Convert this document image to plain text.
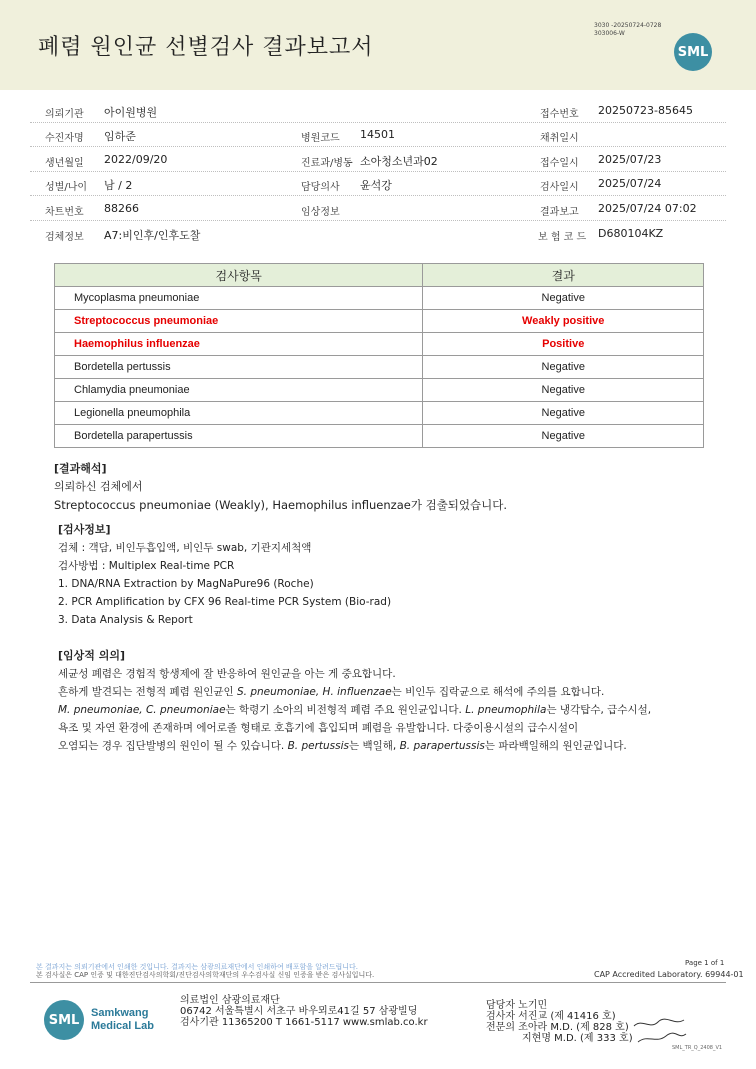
폐렴 원인균 선별검사 결과보고서
3030 -20250724-0728
303006-W
SML
의뢰기관 아이원병원	접수번호 20250723-85645
수진자명 임하준	병원코드 14501	채취일시
생년월일 2022/09/20	진료과/병동 소아청소년과02	접수일시 2025/07/23
성별/나이 남 / 2	담당의사 윤석강	검사일시 2025/07/24
차트번호 88266	임상정보	결과보고 2025/07/24 07:02
검체정보 A7:비인후/인후도찰	보 험 코 드 D680104KZ
검사항목	결과
Mycoplasma pneumoniae	Negative
Streptococcus pneumoniae	Weakly positive
Haemophilus influenzae	Positive
Bordetella pertussis	Negative
Chlamydia pneumoniae	Negative
Legionella pneumophila	Negative
Bordetella parapertussis	Negative
[결과해석]
의뢰하신 검체에서
Streptococcus pneumoniae (Weakly), Haemophilus influenzae가 검출되었습니다.
[검사정보]
검체 : 객담, 비인두흡입액, 비인두 swab, 기관지세척액
검사방법 : Multiplex Real-time PCR
1. DNA/RNA Extraction by MagNaPure96 (Roche)
2. PCR Amplification by CFX 96 Real-time PCR System (Bio-rad)
3. Data Analysis & Report
[임상적 의의]
세균성 폐렴은 경험적 항생제에 잘 반응하여 원인균을 아는 게 중요합니다.
흔하게 발견되는 전형적 폐렴 원인균인 S. pneumoniae, H. influenzae는 비인두 집락균으로 해석에 주의를 요합니다.
M. pneumoniae, C. pneumoniae는 학령기 소아의 비전형적 폐렴 주요 원인균입니다. L. pneumophila는 냉각탑수, 급수시설,
욕조 및 자연 환경에 존재하며 에어로졸 형태로 호흡기에 흡입되며 폐렴을 유발합니다. 다중이용시설의 급수시설이
오염되는 경우 집단발병의 원인이 될 수 있습니다. B. pertussis는 백일해, B. parapertussis는 파라백일해의 원인균입니다.
본 결과지는 의뢰기관에서 인쇄한 것입니다. 결과지는 삼광의료재단에서 인쇄하여 배포함을 알려드립니다.
본 검사실은 CAP 인증 및 대한진단검사의학회/진단검사의학재단의 우수검사실 신임 인증을 받은 검사실입니다.
Page 1 of 1
CAP Accredited Laboratory. 69944-01
SML	Samkwang
Medical Lab
의료법인 삼광의료재단
06742 서울특별시 서초구 바우뫼로41길 57 삼광빌딩
검사기관 11365200 T 1661-5117 www.smlab.co.kr
담당자 노기민
검사자 서진교 (제 41416 호)
전문의 조아라 M.D. (제 828 호)
지현명 M.D. (제 333 호)
SML_TR_Q_2408_V1
